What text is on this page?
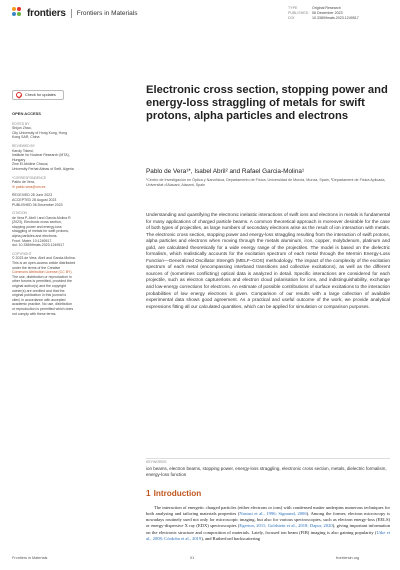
frontiers Frontiers in Materials
TYPE	Original Research
PUBLISHED 06 December 2023
DOI	10.3389/fmats.2023.1249517
Check for updates
OPEN ACCESS
EDITED BY
Shijun Zhao,
City University of Hong Kong, Hong
Kong SAR, China
REVIEWED BY
Karoly Tokesi,
Institute for Nuclear Research (MTA),
Hungary
Zine El Abidine Chaoui,
University Ferhat Abbas of Setif, Algeria
*CORRESPONDENCE
Pablo de Vera,
✉ pablo.vera@um.es
RECEIVED 28 June 2023
ACCEPTED 28 August 2023
PUBLISHED 06 December 2023
CITATION
de Vera P, Abril I and Garcia-Molina R
(2023), Electronic cross section,
stopping power and energy-loss
straggling of metals for swift protons,
alpha particles and electrons.
Front. Mater. 10:1249517.
doi: 10.3389/fmats.2023.1249517
COPYRIGHT
© 2023 de Vera, Abril and Garcia-Molina.
This is an open-access article distributed
under the terms of the Creative
Commons Attribution License (CC BY).
The use, distribution or reproduction in
other forums is permitted, provided the
original author(s) and the copyright
owner(s) are credited and that the
original publication in this journal is
cited, in accordance with accepted
academic practice. No use, distribution
or reproduction is permitted which does
not comply with these terms.
Electronic cross section, stopping power and energy-loss straggling of metals for swift protons, alpha particles and electrons
Pablo de Vera¹*, Isabel Abril² and Rafael Garcia-Molina¹
¹Centro de Investigación en Óptica y Nanofísica, Departamento de Física, Universidad de Murcia, Murcia, Spain, ²Departament de Física Aplicada, Universitat d'Alacant, Alacant, Spain
Understanding and quantifying the electronic inelastic interactions of swift ions and electrons in metals is fundamental for many applications of charged particle beams. A common theoretical approach is moreover desirable for the case of both types of projectiles, as large numbers of secondary electrons arise as the result of ion interaction with metals. The electronic cross section, stopping power and energy-loss straggling resulting from the interaction of swift protons, alpha particles and electrons when moving through the metals aluminum, iron, copper, molybdenum, platinum and gold, are calculated theoretically for a wide energy range of the projectiles. The model is based on the dielectric formalism, which realistically accounts for the excitation spectrum of each metal through the Mermin Energy-Loss Function—Generalized Oscillator Strength (MELF–GOS) methodology. The impact of the complexity of the excitation spectrum of each metal (encompassing interband transitions and collective excitations), as well as the different sources of (sometimes conflicting) optical data is analyzed in detail. Specific interactions are considered for each projectile, such as electron capture/loss and electron cloud polarisation for ions, and indistinguishability, exchange and low-energy corrections for electrons. An estimate of possible contributions of surface excitations to the interaction probabilities of low energy electrons is given. Comparison of our results with a large collection of available experimental data shows good agreement. As a practical and useful outcome of the work, we provide analytical expressions fitting all our calculated quantities, which can be applied for simulation or comparison purposes.
KEYWORDS
ion beams, electron beams, stopping power, energy-loss straggling, electronic cross section, metals, dielectric formalism, energy-loss function
1 Introduction

The interaction of energetic charged particles (either electrons or ions) with condensed matter underpins numerous techniques for both analysing and tailoring materials properties (Nastasi et al., 1996; Sigmund, 2006). Among the former, electron microscopy is nowadays routinely used not only for microscopic imaging, but also for various spectroscopies, such as electron energy-loss (EELS) or energy-dispersive X ray (EDX) spectroscopies (Egerton, 2011; Goldstein et al., 2018; Dapor, 2020), giving important information on the electronic structure and composition of materials. Lately, focused ion beam (FIB) imaging is also gaining popularity (Utke et al., 2008; Córdoba et al., 2019), and Rutherford backscattering

Frontiers in Materials	01	frontiersin.org
